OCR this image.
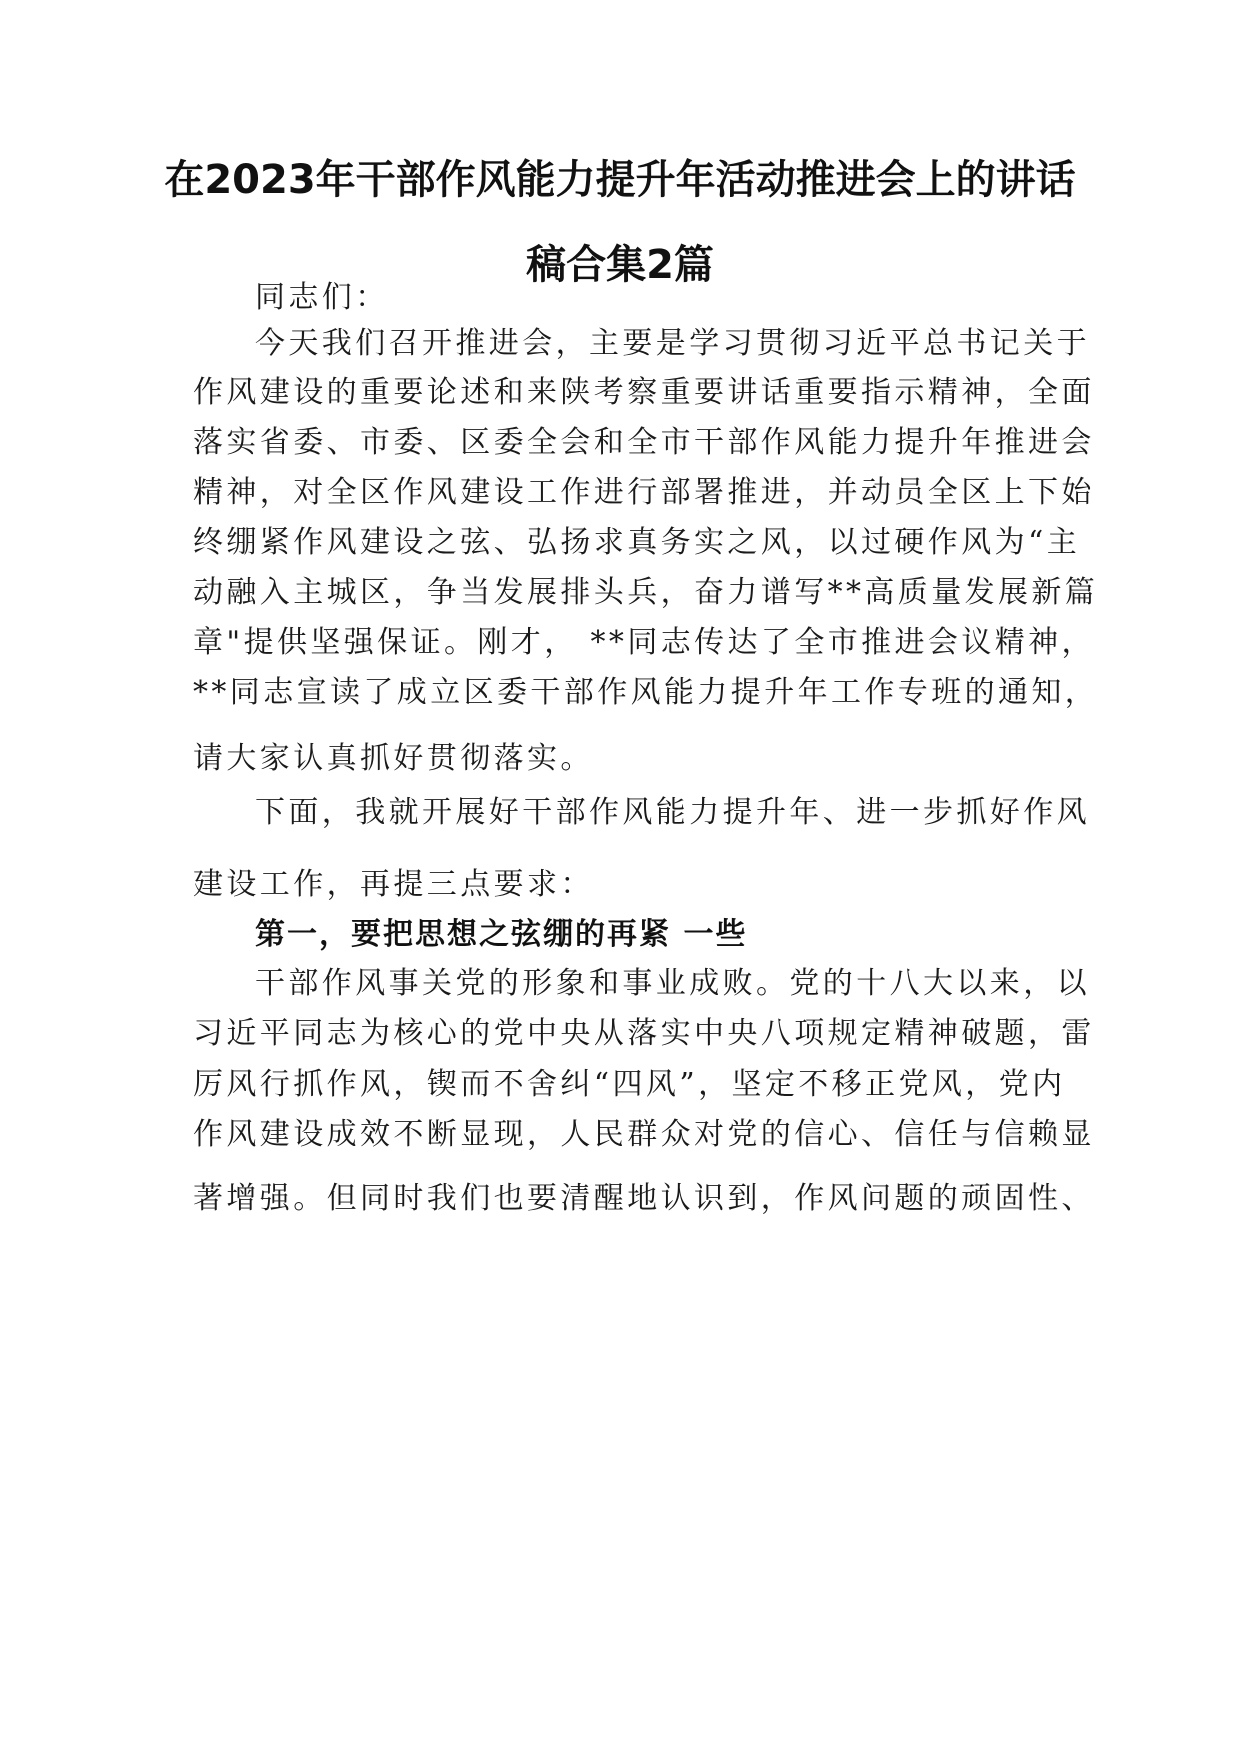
在2023年干部作风能力提升年活动推进会上的讲话
稿合集2篇
同志们：
今天我们召开推进会，主要是学习贯彻习近平总书记关于
作风建设的重要论述和来陕考察重要讲话重要指示精神，全面
落实省委、市委、区委全会和全市干部作风能力提升年推进会
精神，对全区作风建设工作进行部署推进，并动员全区上下始
终绷紧作风建设之弦、弘扬求真务实之风，以过硬作风为“主
动融入主城区，争当发展排头兵，奋力谱写**高质量发展新篇
章"提供坚强保证。刚才， **同志传达了全市推进会议精神，
**同志宣读了成立区委干部作风能力提升年工作专班的通知，
请大家认真抓好贯彻落实。
下面，我就开展好干部作风能力提升年、进一步抓好作风
建设工作，再提三点要求：
第一，要把思想之弦绷的再紧 一些
干部作风事关党的形象和事业成败。党的十八大以来，以
习近平同志为核心的党中央从落实中央八项规定精神破题，雷
厉风行抓作风，锲而不舍纠“四风”，坚定不移正党风，党内
作风建设成效不断显现，人民群众对党的信心、信任与信赖显
著增强。但同时我们也要清醒地认识到，作风问题的顽固性、
